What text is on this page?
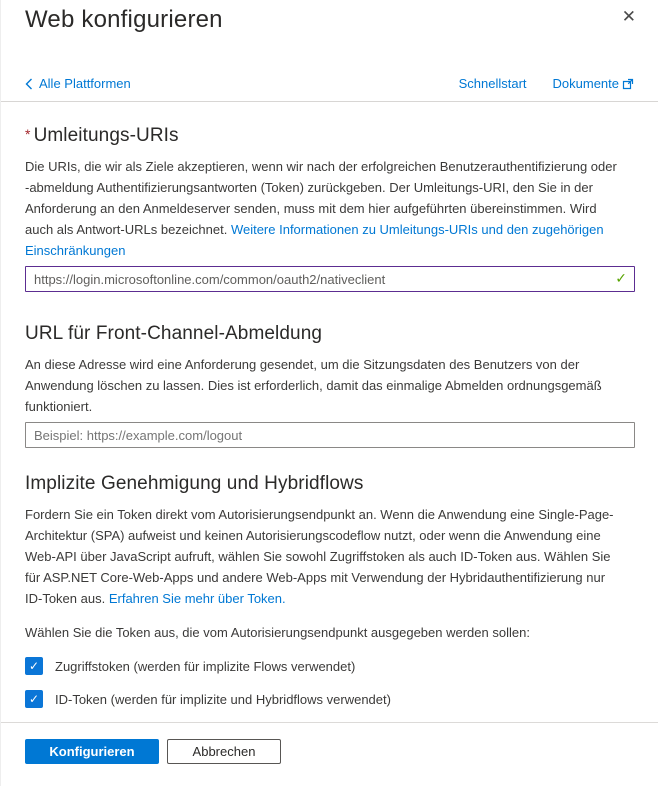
Web konfigurieren	✕
Alle Plattformen	Schnellstart Dokumente
* Umleitungs-URIs
Die URIs, die wir als Ziele akzeptieren, wenn wir nach der erfolgreichen Benutzerauthentifizierung oder -abmeldung Authentifizierungsantworten (Token) zurückgeben. Der Umleitungs-URI, den Sie in der Anforderung an den Anmeldeserver senden, muss mit dem hier aufgeführten übereinstimmen. Wird auch als Antwort-URLs bezeichnet. Weitere Informationen zu Umleitungs-URIs und den zugehörigen Einschränkungen
https://login.microsoftonline.com/common/oauth2/nativeclient
✓
URL für Front-Channel-Abmeldung
An diese Adresse wird eine Anforderung gesendet, um die Sitzungsdaten des Benutzers von der Anwendung löschen zu lassen. Dies ist erforderlich, damit das einmalige Abmelden ordnungsgemäß funktioniert.
Beispiel: https://example.com/logout
Implizite Genehmigung und Hybridflows
Fordern Sie ein Token direkt vom Autorisierungsendpunkt an. Wenn die Anwendung eine Single-Page-Architektur (SPA) aufweist und keinen Autorisierungscodeflow nutzt, oder wenn die Anwendung eine Web-API über JavaScript aufruft, wählen Sie sowohl Zugriffstoken als auch ID-Token aus. Wählen Sie für ASP.NET Core-Web-Apps und andere Web-Apps mit Verwendung der Hybridauthentifizierung nur ID-Token aus. Erfahren Sie mehr über Token.
Wählen Sie die Token aus, die vom Autorisierungsendpunkt ausgegeben werden sollen:
✓	Zugriffstoken (werden für implizite Flows verwendet)
✓	ID-Token (werden für implizite und Hybridflows verwendet)
Konfigurieren	Abbrechen
